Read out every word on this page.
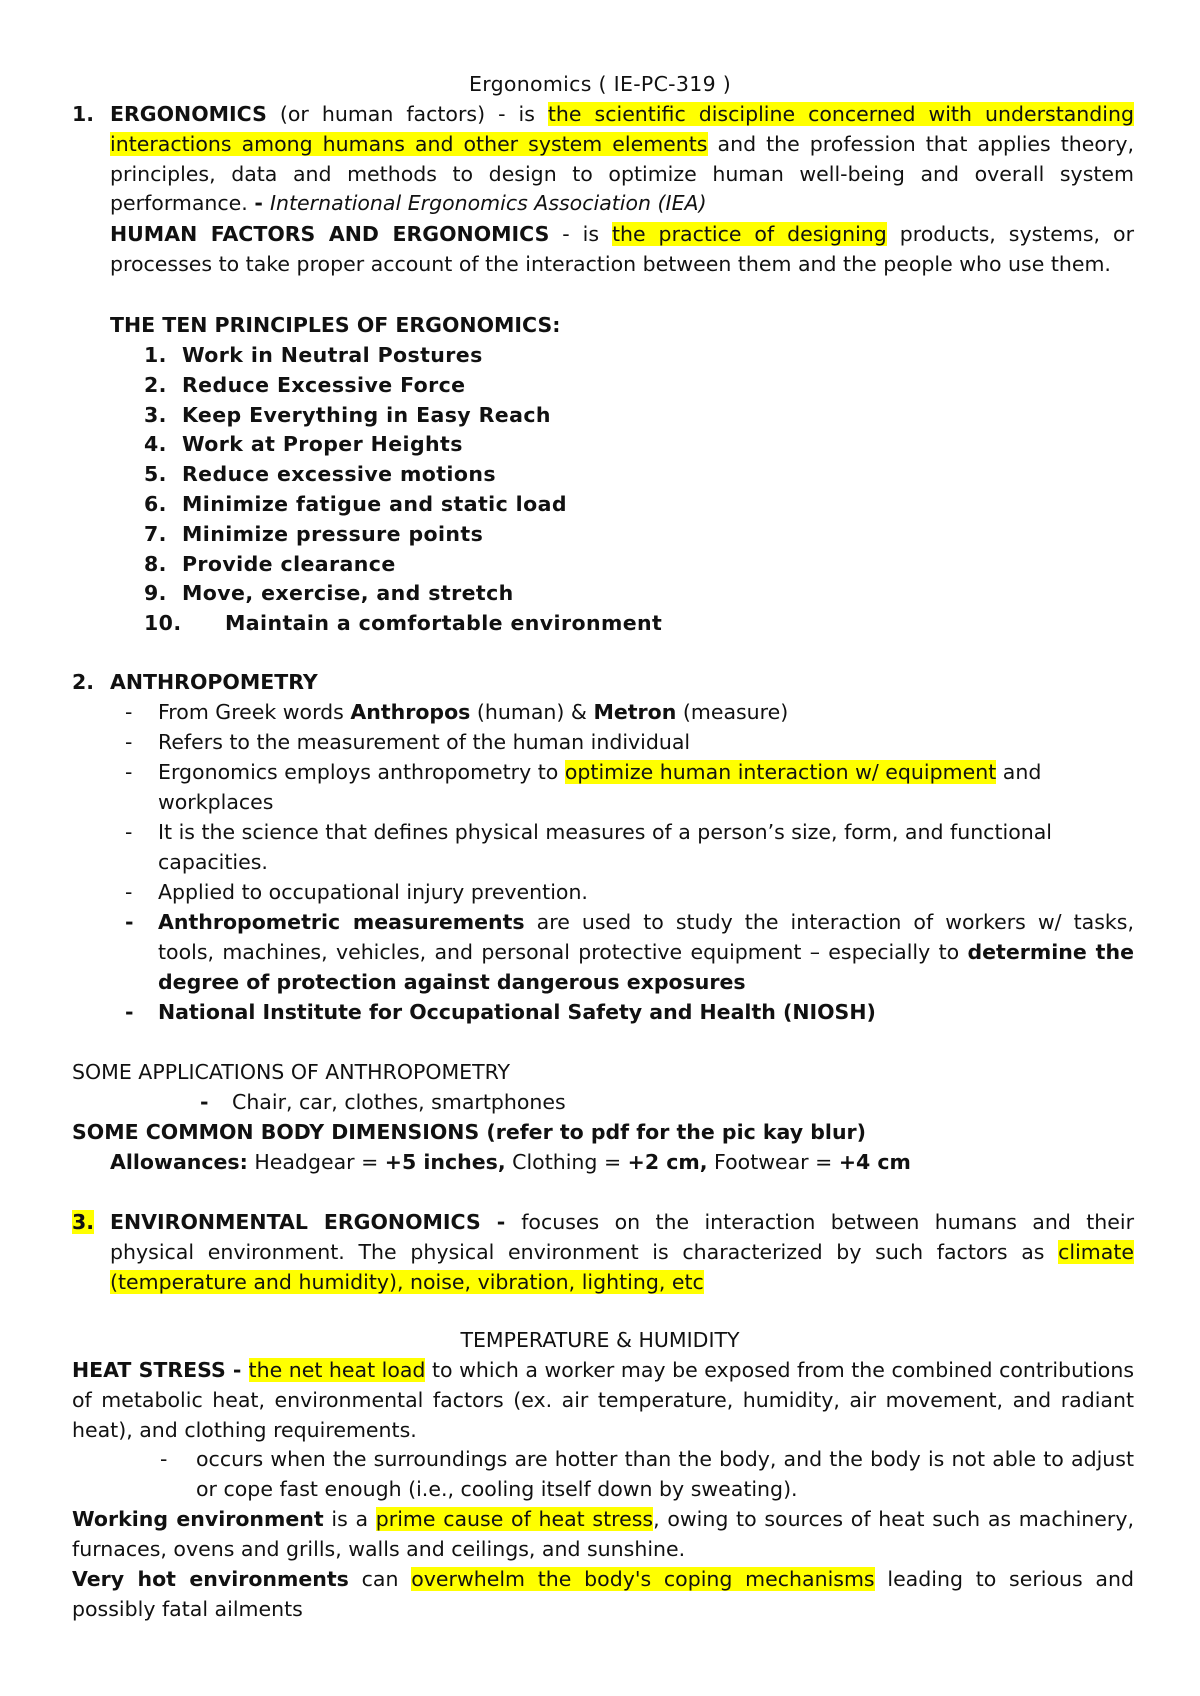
Ergonomics ( IE-PC-319 )
1. ERGONOMICS (or human factors) - is the scientific discipline concerned with understanding interactions among humans and other system elements and the profession that applies theory, principles, data and methods to design to optimize human well-being and overall system performance. - International Ergonomics Association (IEA)
HUMAN FACTORS AND ERGONOMICS - is the practice of designing products, systems, or processes to take proper account of the interaction between them and the people who use them.
THE TEN PRINCIPLES OF ERGONOMICS:
1. Work in Neutral Postures
2. Reduce Excessive Force
3. Keep Everything in Easy Reach
4. Work at Proper Heights
5. Reduce excessive motions
6. Minimize fatigue and static load
7. Minimize pressure points
8. Provide clearance
9. Move, exercise, and stretch
10. Maintain a comfortable environment
2. ANTHROPOMETRY
- From Greek words Anthropos (human) & Metron (measure)
- Refers to the measurement of the human individual
- Ergonomics employs anthropometry to optimize human interaction w/ equipment and workplaces
- It is the science that defines physical measures of a person’s size, form, and functional capacities.
- Applied to occupational injury prevention.
- Anthropometric measurements are used to study the interaction of workers w/ tasks, tools, machines, vehicles, and personal protective equipment – especially to determine the degree of protection against dangerous exposures
- National Institute for Occupational Safety and Health (NIOSH)
SOME APPLICATIONS OF ANTHROPOMETRY
- Chair, car, clothes, smartphones
SOME COMMON BODY DIMENSIONS (refer to pdf for the pic kay blur)
Allowances: Headgear = +5 inches, Clothing = +2 cm, Footwear = +4 cm
3. ENVIRONMENTAL ERGONOMICS - focuses on the interaction between humans and their physical environment. The physical environment is characterized by such factors as climate (temperature and humidity), noise, vibration, lighting, etc
TEMPERATURE & HUMIDITY
HEAT STRESS - the net heat load to which a worker may be exposed from the combined contributions of metabolic heat, environmental factors (ex. air temperature, humidity, air movement, and radiant heat), and clothing requirements.
- occurs when the surroundings are hotter than the body, and the body is not able to adjust or cope fast enough (i.e., cooling itself down by sweating).
Working environment is a prime cause of heat stress, owing to sources of heat such as machinery, furnaces, ovens and grills, walls and ceilings, and sunshine.
Very hot environments can overwhelm the body's coping mechanisms leading to serious and possibly fatal ailments
